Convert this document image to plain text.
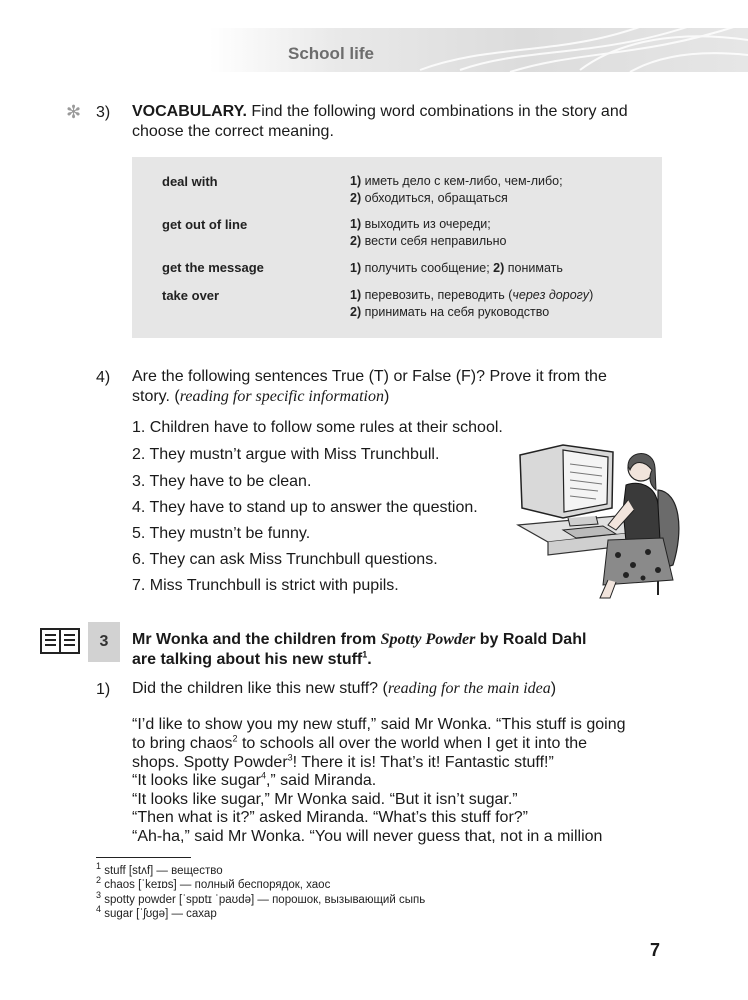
School life
✻ 3) VOCABULARY. Find the following word combinations in the story and
choose the correct meaning.
deal with	1) иметь дело с кем-либо, чем-либо;
2) обходиться, обращаться
get out of line	1) выходить из очереди;
2) вести себя неправильно
get the message	1) получить сообщение; 2) понимать
take over	1) перевозить, переводить (через дорогу)
2) принимать на себя руководство
4) Are the following sentences True (T) or False (F)? Prove it from the
story. (reading for specific information)
1. Children have to follow some rules at their school.
2. They mustn’t argue with Miss Trunchbull.
3. They have to be clean.
4. They have to stand up to answer the question.
5. They mustn’t be funny.
6. They can ask Miss Trunchbull questions.
7. Miss Trunchbull is strict with pupils.
3	Mr Wonka and the children from Spotty Powder by Roald Dahl
are talking about his new stuff$^1$.
1) Did the children like this new stuff? (reading for the main idea)
“I’d like to show you my new stuff,” said Mr Wonka. “This stuff is going
to bring chaos$^2$ to schools all over the world when I get it into the
shops. Spotty Powder$^3$! There it is! That’s it! Fantastic stuff!”
“It looks like sugar$^4$,” said Miranda.
“It looks like sugar,” Mr Wonka said. “But it isn’t sugar.”
“Then what is it?” asked Miranda. “What’s this stuff for?”
“Ah-ha,” said Mr Wonka. “You will never guess that, not in a million
$^1$ stuff [stʌf] — вещество
$^2$ chaos [ˈkeɪɒs] — полный беспорядок, хаос
$^3$ spotty powder [ˈspɒtɪ ˈpaʊdə] — порошок, вызывающий сыпь
$^4$ sugar [ˈʃʊgə] — сахар
7
